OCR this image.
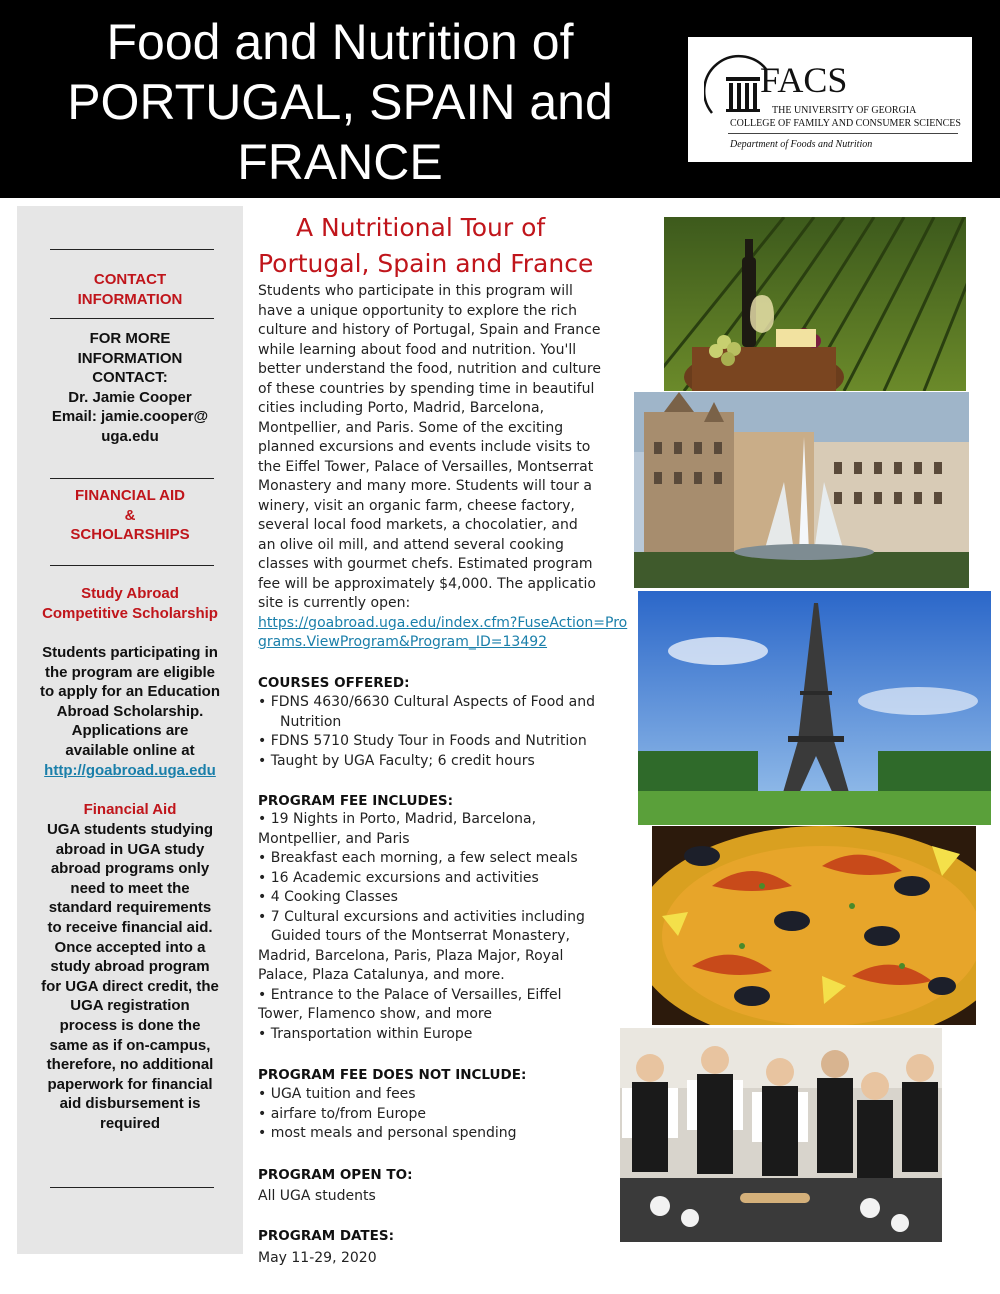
Food and Nutrition of
PORTUGAL, SPAIN and
FRANCE
FACS
THE UNIVERSITY OF GEORGIA
COLLEGE OF FAMILY AND CONSUMER SCIENCES
Department of Foods and Nutrition
CONTACT
INFORMATION
FOR MORE
INFORMATION
CONTACT:
Dr. Jamie Cooper
Email: jamie.cooper@
uga.edu
FINANCIAL AID
&
SCHOLARSHIPS
Study Abroad
Competitive Scholarship
Students participating in
the program are eligible
to apply for an Education
Abroad Scholarship.
Applications are
available online at
http://goabroad.uga.edu
Financial Aid
UGA students studying
abroad in UGA study
abroad programs only
need to meet the
standard requirements
to receive financial aid.
Once accepted into a
study abroad program
for UGA direct credit, the
UGA registration
process is done the
same as if on-campus,
therefore, no additional
paperwork for financial
aid disbursement is
required
A Nutritional Tour of
Portugal, Spain and France
Students who participate in this program will
have a unique opportunity to explore the rich
culture and history of Portugal, Spain and France
while learning about food and nutrition. You'll
better understand the food, nutrition and culture
of these countries by spending time in beautiful
cities including Porto, Madrid, Barcelona,
Montpellier, and Paris. Some of the exciting
planned excursions and events include visits to
the Eiffel Tower, Palace of Versailles, Montserrat
Monastery and many more. Students will tour a
winery, visit an organic farm, cheese factory,
several local food markets, a chocolatier, and
an olive oil mill, and attend several cooking
classes with gourmet chefs. Estimated program
fee will be approximately $4,000. The applicatio
site is currently open:
https://goabroad.uga.edu/index.cfm?FuseAction=Pro
grams.ViewProgram&Program_ID=13492
COURSES OFFERED:
• FDNS 4630/6630 Cultural Aspects of Food and
Nutrition
• FDNS 5710 Study Tour in Foods and Nutrition
• Taught by UGA Faculty; 6 credit hours
PROGRAM FEE INCLUDES:
• 19 Nights in Porto, Madrid, Barcelona,
Montpellier, and Paris
• Breakfast each morning, a few select meals
• 16 Academic excursions and activities
• 4 Cooking Classes
• 7 Cultural excursions and activities including
Guided tours of the Montserrat Monastery,
Madrid, Barcelona, Paris, Plaza Major, Royal
Palace, Plaza Catalunya, and more.
• Entrance to the Palace of Versailles, Eiffel
Tower, Flamenco show, and more
• Transportation within Europe
PROGRAM FEE DOES NOT INCLUDE:
• UGA tuition and fees
• airfare to/from Europe
• most meals and personal spending
PROGRAM OPEN TO:
All UGA students
PROGRAM DATES:
May 11-29, 2020
